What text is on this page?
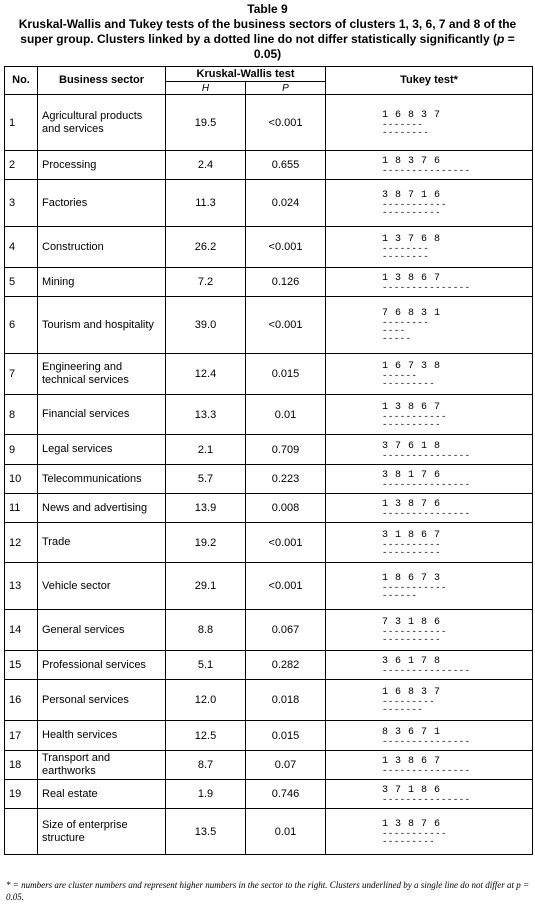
Table 9
Kruskal-Wallis and Tukey tests of the business sectors of clusters 1, 3, 6, 7 and 8 of the super group. Clusters linked by a dotted line do not differ statistically significantly (p = 0.05)
No.	Business sector	Kruskal-Wallis test		Tukey test*
		H	P	
1	Agricultural products and services	19.5	<0.001	1 6 8 3 7
-------
--------

2	Processing	2.4	0.655	1 8 3 7 6
---------------

3	Factories	11.3	0.024	3 8 7 1 6
-----------
----------

4	Construction	26.2	<0.001	1 3 7 6 8
--------
--------

5	Mining	7.2	0.126	1 3 8 6 7
---------------

6	Tourism and hospitality	39.0	<0.001	7 6 8 3 1
--------
----
-----

7	Engineering and technical services	12.4	0.015	1 6 7 3 8
------
---------

8	Financial services	13.3	0.01	1 3 8 6 7
-----------
----------

9	Legal services	2.1	0.709	3 7 6 1 8
---------------

10	Telecommunications	5.7	0.223	3 8 1 7 6
---------------

11	News and advertising	13.9	0.008	1 3 8 7 6
---------------

12	Trade	19.2	<0.001	3 1 8 6 7
----------
----------

13	Vehicle sector	29.1	<0.001	1 8 6 7 3
-----------
------

14	General services	8.8	0.067	7 3 1 8 6
-----------
----------

15	Professional services	5.1	0.282	3 6 1 7 8
---------------

16	Personal services	12.0	0.018	1 6 8 3 7
---------
-------

17	Health services	12.5	0.015	8 3 6 7 1
---------------

18	Transport and earthworks	8.7	0.07	1 3 8 6 7
---------------

19	Real estate	1.9	0.746	3 7 1 8 6
---------------

	Size of enterprise structure	13.5	0.01	1 3 8 7 6
-----------
---------
* = numbers are cluster numbers and represent higher numbers in the sector to the right. Clusters underlined by a single line do not differ at p = 0.05.
